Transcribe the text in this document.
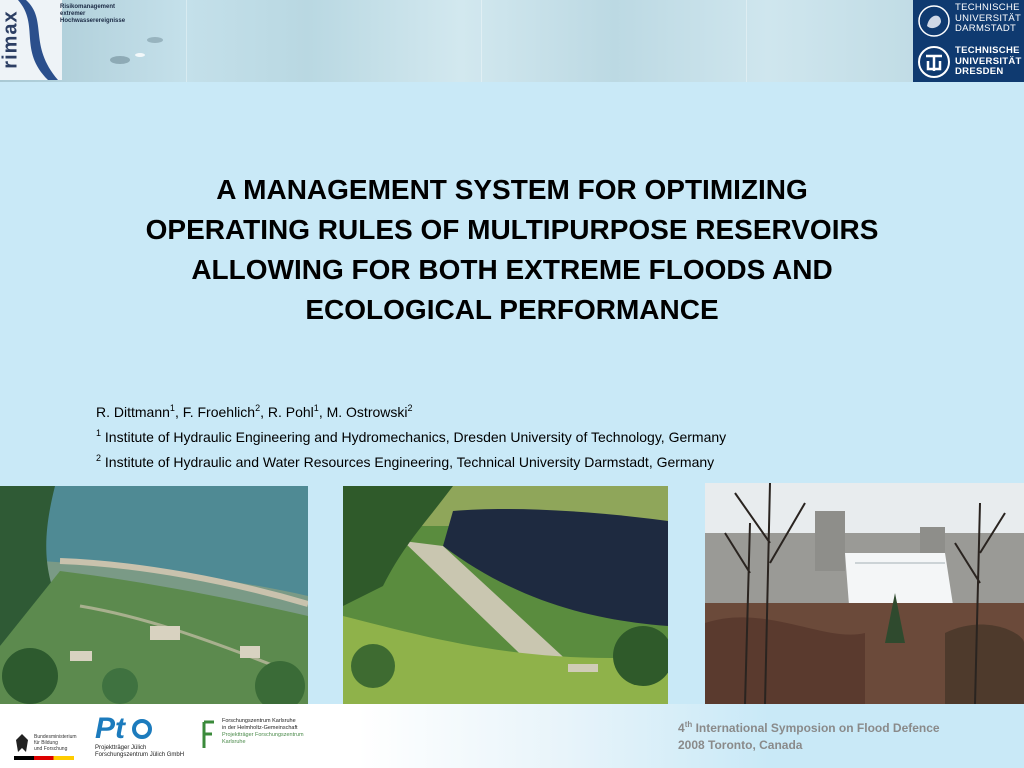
rimax
Risikomanagement
extremer
Hochwasserereignisse
TECHNISCHE
UNIVERSITÄT
DARMSTADT
TECHNISCHE
UNIVERSITÄT
DRESDEN
A MANAGEMENT SYSTEM FOR OPTIMIZING
OPERATING RULES OF MULTIPURPOSE RESERVOIRS
ALLOWING FOR BOTH EXTREME FLOODS AND
ECOLOGICAL PERFORMANCE
R. Dittmann$^1$, F. Froehlich$^2$, R. Pohl$^1$, M. Ostrowski$^2$
$^1$ Institute of Hydraulic Engineering and Hydromechanics, Dresden University of Technology, Germany
$^2$ Institute of Hydraulic and Water Resources Engineering, Technical University Darmstadt, Germany
Bundesministerium
für Bildung
und Forschung
Pt
Projektträger Jülich
Forschungszentrum Jülich GmbH
Forschungszentrum Karlsruhe
in der Helmholtz-Gemeinschaft
Projektträger Forschungszentrum Karlsruhe
4th International Symposion on Flood Defence
2008 Toronto, Canada
